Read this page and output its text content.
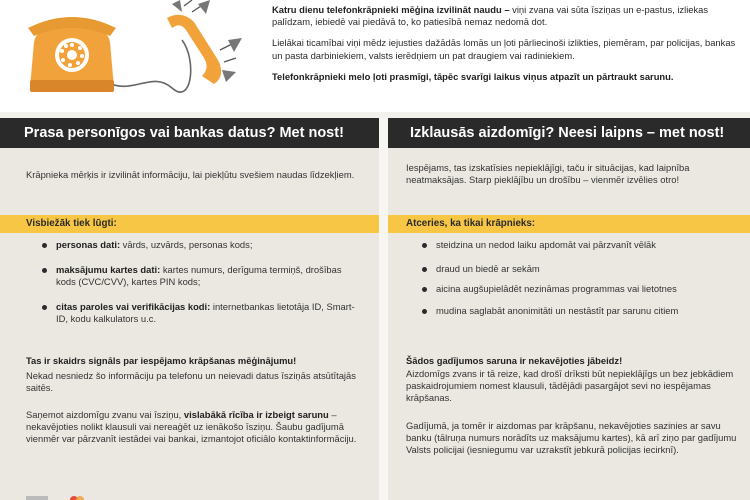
Katru dienu telefonkrāpnieki mēģina izvilināt naudu – viņi zvana vai sūta īsziņas un e-pastus, izliekas palīdzam, iebiedē vai piedāvā to, ko patiesībā nemaz nedomā dot.

Lielākai ticamībai viņi mēdz iejusties dažādās lomās un ļoti pārliecinoši izlikties, piemēram, par policijas, bankas un pasta darbiniekiem, valsts ierēdņiem un pat draugiem vai radiniekiem.

Telefonkrāpnieki melo ļoti prasmīgi, tāpēc svarīgi laikus viņus atpazīt un pārtraukt sarunu.

Prasa personīgos vai bankas datus? Met nost!	Izklausās aizdomīgi? Neesi laipns – met nost!
Krāpnieka mērķis ir izvilināt informāciju, lai piekļūtu svešiem naudas līdzekļiem.
Visbiežāk tiek lūgti:
personas dati: vārds, uzvārds, personas kods;
maksājumu kartes dati: kartes numurs, derīguma termiņš, drošības kods (CVC/CVV), kartes PIN kods;
citas paroles vai verifikācijas kodi: internetbankas lietotāja ID, Smart-ID, kodu kalkulators u.c.
Tas ir skaidrs signāls par iespējamo krāpšanas mēģinājumu!
Nekad nesniedz šo informāciju pa telefonu un neievadi datus īsziņās atsūtītajās saitēs.
Saņemot aizdomīgu zvanu vai īsziņu, vislabākā rīcība ir izbeigt sarunu – nekavējoties nolikt klausuli vai nereaģēt uz ienākošo īsziņu. Šaubu gadījumā vienmēr var pārzvanīt iestādei vai bankai, izmantojot oficiālo kontaktinformāciju.
Iespējams, tas izskatīsies nepieklājīgi, taču ir situācijas, kad laipnība neatmaksājas. Starp pieklājību un drošību – vienmēr izvēlies otro!
Atceries, ka tikai krāpnieks:
steidzina un nedod laiku apdomāt vai pārzvanīt vēlāk
draud un biedē ar sekām
aicina augšupielādēt nezināmas programmas vai lietotnes
mudina saglabāt anonimitāti un nestāstīt par sarunu citiem
Šādos gadījumos saruna ir nekavējoties jābeidz!
Aizdomīgs zvans ir tā reize, kad drošī drīksti būt nepieklājīgs un bez jebkādiem paskaidrojumiem nomest klausuli, tādējādi pasargājot sevi no iespējamas krāpšanas.
Gadījumā, ja tomēr ir aizdomas par krāpšanu, nekavējoties sazinies ar savu banku (tālruņa numurs norādīts uz maksājumu kartes), kā arī ziņo par gadījumu Valsts policijai (iesniegumu var uzrakstīt jebkurā policijas iecirknī).
